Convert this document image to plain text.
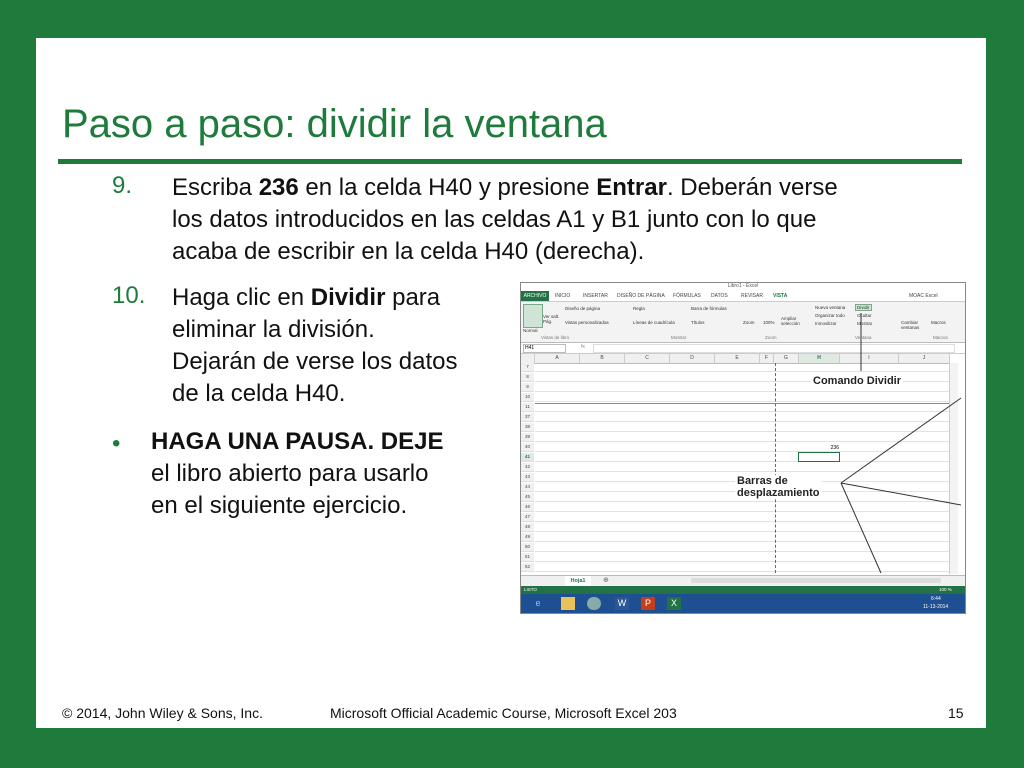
Paso a paso: dividir la ventana
9. Escriba 236 en la celda H40 y presione Entrar. Deberán verse
los datos introducidos en las celdas A1 y B1 junto con lo que
acaba de escribir en la celda H40 (derecha).
10. Haga clic en Dividir para
eliminar la división.
Dejarán de verse los datos
de la celda H40.
• HAGA UNA PAUSA. DEJE
el libro abierto para usarlo
en el siguiente ejercicio.
Libro1 - Excel
ARCHIVO	INICIO	INSERTAR DISEÑO DE PÁGINA FÓRMULAS DATOS	REVISAR VISTA	MOAC Excel
Normal
Ver salt. Pág.
Diseño de página
Vistas personalizadas
Regla
Líneas de cuadrícula
Barra de fórmulas
Títulos	Zoom 100%
Ampliar selección
Nueva ventana
Organizar todo
Inmovilizar
Dividir
Ocultar
Mostrar	Cambiar ventanas
Macros
Vistas de libro	Mostrar	Zoom	Ventana	Macros
H41	fx
A	B	C	D	E	F	G	H	I	J
7
8
9
10
11
37
38
39
40
41
42
43
44
45
46
47
48
49
50
51
52
236
Hoja1	⊕
LISTO	100 %
e	W	P	X	6:44
11-13-2014
Comando Dividir
Barras de
desplazamiento
© 2014, John Wiley & Sons, Inc.	Microsoft Official Academic Course, Microsoft Excel 203	15
